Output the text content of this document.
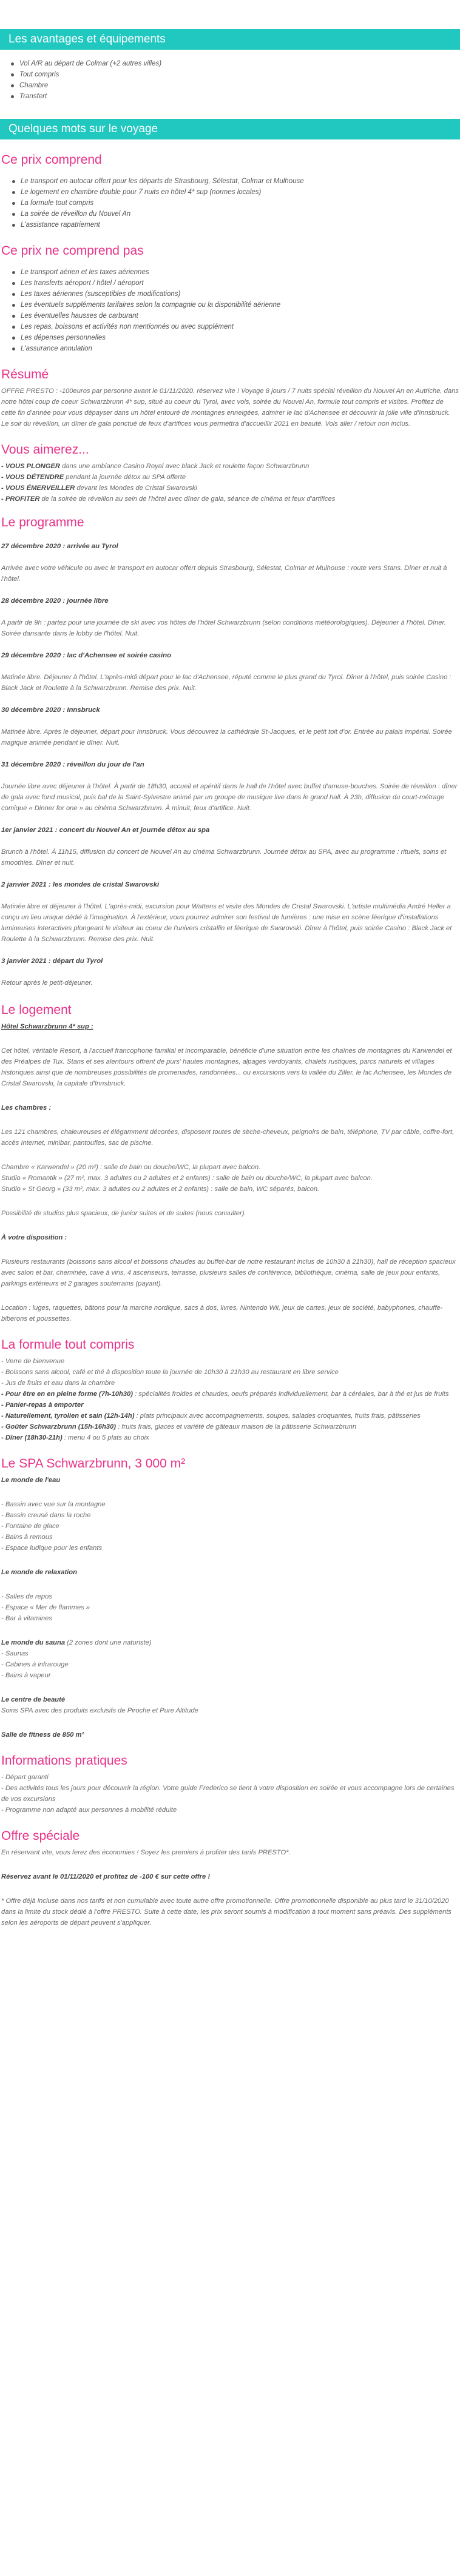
Les avantages et équipements
Vol A/R au départ de Colmar (+2 autres villes)
Tout compris
Chambre
Transfert
Quelques mots sur le voyage
Ce prix comprend
Le transport en autocar offert pour les départs de Strasbourg, Sélestat, Colmar et Mulhouse
Le logement en chambre double pour 7 nuits en hôtel 4* sup (normes locales)
La formule tout compris
La soirée de réveillon du Nouvel An
L'assistance rapatriement
Ce prix ne comprend pas
Le transport aérien et les taxes aériennes
Les transferts aéroport / hôtel / aéroport
Les taxes aériennes (susceptibles de modifications)
Les éventuels suppléments tarifaires selon la compagnie ou la disponibilité aérienne
Les éventuelles hausses de carburant
Les repas, boissons et activités non mentionnés ou avec supplément
Les dépenses personnelles
L'assurance annulation
Résumé

OFFRE PRESTO : -100euros par personne avant le 01/11/2020, réservez vite ! Voyage 8 jours / 7 nuits spécial réveillon du Nouvel An en Autriche, dans notre hôtel coup de coeur Schwarzbrunn 4* sup, situé au coeur du Tyrol, avec vols, soirée du Nouvel An, formule tout compris et visites. Profitez de cette fin d'année pour vous dépayser dans un hôtel entouré de montagnes enneigées, admirer le lac d'Achensee et découvrir la jolie ville d'Innsbruck. Le soir du réveillon, un dîner de gala ponctué de feux d'artifices vous permettra d'accueillir 2021 en beauté. Vols aller / retour non inclus.

Vous aimerez...

- VOUS PLONGER dans une ambiance Casino Royal avec black Jack et roulette façon Schwarzbrunn

- VOUS DÉTENDRE pendant la journée détox au SPA offerte

- VOUS ÉMERVEILLER devant les Mondes de Cristal Swarovski

- PROFITER de la soirée de réveillon au sein de l'hôtel avec dîner de gala, séance de cinéma et feux d'artifices

Le programme

27 décembre 2020 : arrivée au Tyrol

Arrivée avec votre véhicule ou avec le transport en autocar offert depuis Strasbourg, Sélestat, Colmar et Mulhouse : route vers Stans. Dîner et nuit à l'hôtel.

28 décembre 2020 : journée libre

A partir de 9h : partez pour une journée de ski avec vos hôtes de l'hôtel Schwarzbrunn (selon conditions météorologiques). Déjeuner à l'hôtel. Dîner. Soirée dansante dans le lobby de l'hôtel. Nuit.

29 décembre 2020 : lac d'Achensee et soirée casino

Matinée libre. Déjeuner à l'hôtel. L'après-midi départ pour le lac d'Achensee, réputé comme le plus grand du Tyrol. Dîner à l'hôtel, puis soirée Casino : Black Jack et Roulette à la Schwarzbrunn. Remise des prix. Nuit.

30 décembre 2020 : Innsbruck

Matinée libre. Après le déjeuner, départ pour Innsbruck. Vous découvrez la cathédrale St-Jacques, et le petit toit d'or. Entrée au palais impérial. Soirée magique animée pendant le dîner. Nuit.

31 décembre 2020 : réveillon du jour de l'an

Journée libre avec déjeuner à l'hôtel. À partir de 18h30, accueil et apéritif dans le hall de l'hôtel avec buffet d'amuse-bouches. Soirée de réveillon : dîner de gala avec fond musical, puis bal de la Saint-Sylvestre animé par un groupe de musique live dans le grand hall. À 23h, diffusion du court-métrage comique « Dinner for one » au cinéma Schwarzbrunn. À minuit, feux d'artifice. Nuit.

1er janvier 2021 : concert du Nouvel An et journée détox au spa

Brunch à l'hôtel. À 11h15, diffusion du concert de Nouvel An au cinéma Schwarzbrunn. Journée détox au SPA, avec au programme : rituels, soins et smoothies. Dîner et nuit.

2 janvier 2021 : les mondes de cristal Swarovski

Matinée libre et déjeuner à l'hôtel. L'après-midi, excursion pour Wattens et visite des Mondes de Cristal Swarovski. L'artiste multimédia André Heller a conçu un lieu unique dédié à l'imagination. À l'extérieur, vous pourrez admirer son festival de lumières : une mise en scène féerique d'installations lumineuses interactives plongeant le visiteur au coeur de l'univers cristallin et féerique de Swarovski. Dîner à l'hôtel, puis soirée Casino : Black Jack et Roulette à la Schwarzbrunn. Remise des prix. Nuit.

3 janvier 2021 : départ du Tyrol

Retour après le petit-déjeuner.

Le logement

Hôtel Schwarzbrunn 4* sup :

Cet hôtel, véritable Resort, à l'accueil francophone familial et incomparable, bénéficie d'une situation entre les chaînes de montagnes du Karwendel et des Préalpes de Tux. Stans et ses alentours offrent de purs' hautes montagnes, alpages verdoyants, chalets rustiques, parcs naturels et villages historiques ainsi que de nombreuses possibilités de promenades, randonnées... ou excursions vers la vallée du Ziller, le lac Achensee, les Mondes de Cristal Swarovski, la capitale d'Innsbruck.

Les chambres :

Les 121 chambres, chaleureuses et élégamment décorées, disposent toutes de sèche-cheveux, peignoirs de bain, téléphone, TV par câble, coffre-fort, accès Internet, minibar, pantoufles, sac de piscine.

Chambre « Karwendel » (20 m²) : salle de bain ou douche/WC, la plupart avec balcon.

Studio « Romantik » (27 m², max. 3 adultes ou 2 adultes et 2 enfants) : salle de bain ou douche/WC, la plupart avec balcon.

Studio « St Georg » (33 m², max. 3 adultes ou 2 adultes et 2 enfants) : salle de bain, WC séparés, balcon.

Possibilité de studios plus spacieux, de junior suites et de suites (nous consulter).

À votre disposition :

Plusieurs restaurants (boissons sans alcool et boissons chaudes au buffet-bar de notre restaurant inclus de 10h30 à 21h30), hall de réception spacieux avec salon et bar, cheminée, cave à vins, 4 ascenseurs, terrasse, plusieurs salles de conférence, bibliothèque, cinéma, salle de jeux pour enfants, parkings extérieurs et 2 garages souterrains (payant).

Location : luges, raquettes, bâtons pour la marche nordique, sacs à dos, livres, Nintendo Wii, jeux de cartes, jeux de société, babyphones, chauffe-biberons et poussettes.

La formule tout compris

- Verre de bienvenue

- Boissons sans alcool, café et thé à disposition toute la journée de 10h30 à 21h30 au restaurant en libre service

- Jus de fruits et eau dans la chambre

- Pour être en en pleine forme (7h-10h30) : spécialités froides et chaudes, oeufs préparés individuellement, bar à céréales, bar à thé et jus de fruits

- Panier-repas à emporter

- Naturellement, tyrolien et sain (12h-14h) : plats principaux avec accompagnements, soupes, salades croquantes, fruits frais, pâtisseries

- Goûter Schwarzbrunn (15h-16h30) : fruits frais, glaces et variété de gâteaux maison de la pâtisserie Schwarzbrunn

- Dîner (18h30-21h) : menu 4 ou 5 plats au choix

Le SPA Schwarzbrunn, 3 000 m²

Le monde de l'eau

- Bassin avec vue sur la montagne

- Bassin creusé dans la roche

- Fontaine de glace

- Bains à remous

- Espace ludique pour les enfants

Le monde de relaxation

- Salles de repos

- Espace « Mer de flammes »

- Bar à vitamines

Le monde du sauna (2 zones dont une naturiste)

- Saunas

- Cabines à infrarouge

- Bains à vapeur

Le centre de beauté

Soins SPA avec des produits exclusifs de Piroche et Pure Altitude

Salle de fitness de 850 m²

Informations pratiques

- Départ garanti

- Des activités tous les jours pour découvrir la région. Votre guide Frederico se tient à votre disposition en soirée et vous accompagne lors de certaines de vos excursions

- Programme non adapté aux personnes à mobilité réduite

Offre spéciale

En réservant vite, vous ferez des économies ! Soyez les premiers à profiter des tarifs PRESTO*.

Réservez avant le 01/11/2020 et profitez de -100 € sur cette offre !

* Offre déjà incluse dans nos tarifs et non cumulable avec toute autre offre promotionnelle. Offre promotionnelle disponible au plus tard le 31/10/2020 dans la limite du stock dédié à l'offre PRESTO. Suite à cette date, les prix seront soumis à modification à tout moment sans préavis. Des suppléments selon les aéroports de départ peuvent s'appliquer.
